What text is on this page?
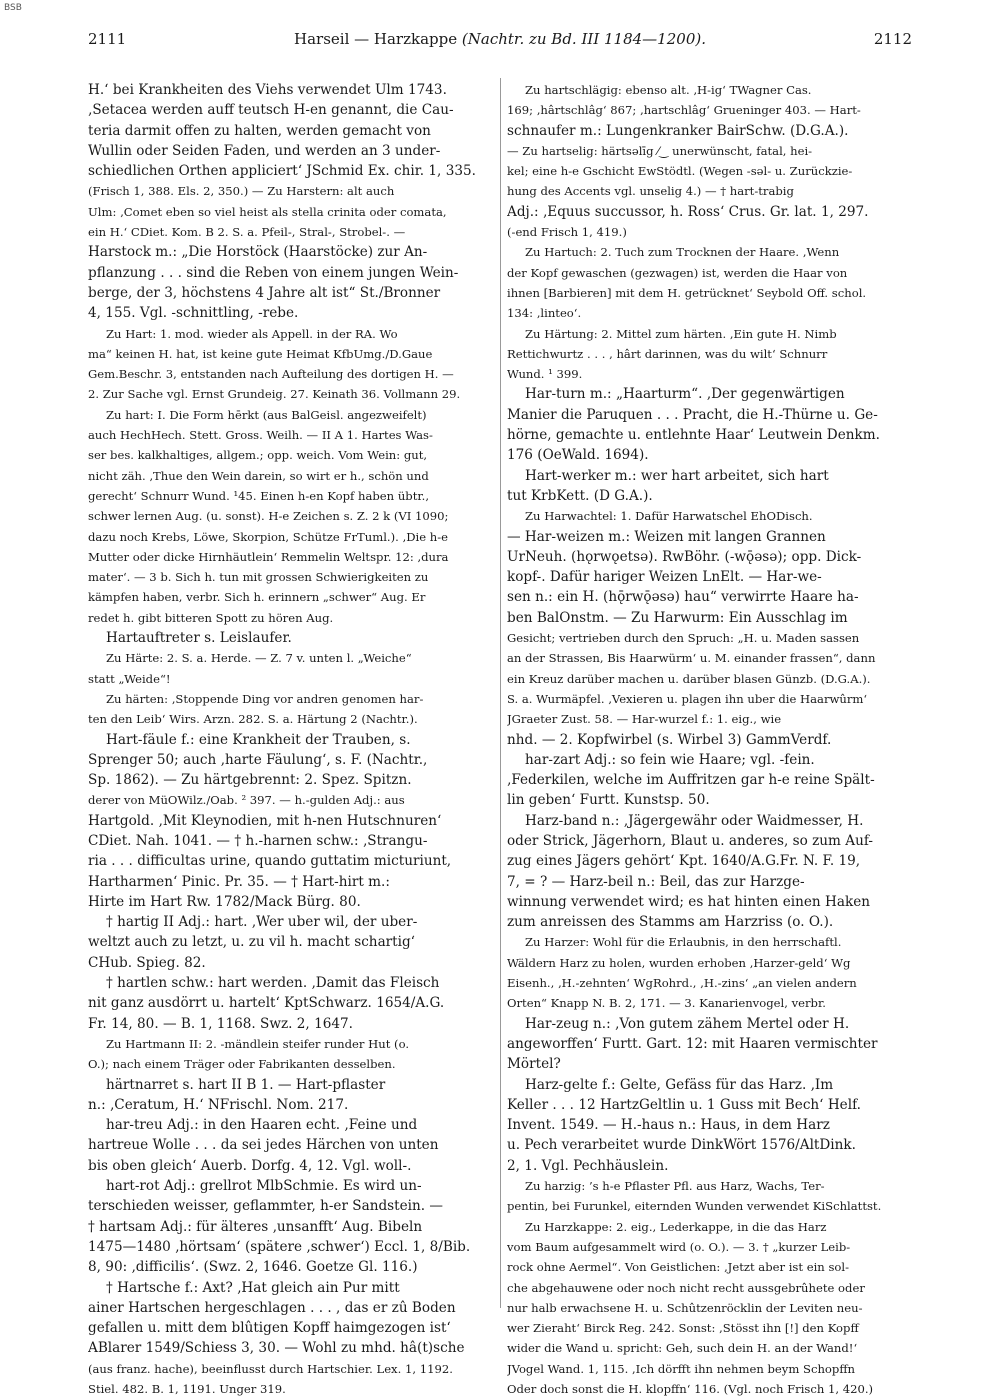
BSB
2111	Harseil — Harzkappe (Nachtr. zu Bd. III 1184—1200).	2112
H.‘ bei Krankheiten des Viehs verwendet Ulm 1743.
‚Setacea werden auff teutsch H-en genannt, die Cau-
teria darmit offen zu halten, werden gemacht von
Wullin oder Seiden Faden, und werden an 3 under-
schiedlichen Orthen appliciert‘ JSchmid Ex. chir. 1, 335.
(Frisch 1, 388. Els. 2, 350.) — Zu Harstern: alt auch
Ulm: ‚Comet eben so viel heist als stella crinita oder comata,
ein H.‘ CDiet. Kom. B 2. S. a. Pfeil-, Stral-, Strobel-. —
Harstock m.: „Die Horstöck (Haarstöcke) zur An-
pflanzung . . . sind die Reben von einem jungen Wein-
berge, der 3, höchstens 4 Jahre alt ist“ St./Bronner
4, 155. Vgl. -schnittling, -rebe.
Zu Hart: 1. mod. wieder als Appell. in der RA. Wo
ma“ keinen H. hat, ist keine gute Heimat KfbUmg./D.Gaue
Gem.Beschr. 3, entstanden nach Aufteilung des dortigen H. —
2. Zur Sache vgl. Ernst Grundeig. 27. Keinath 36. Vollmann 29.
Zu hart: I. Die Form hērkt (aus BalGeisl. angezweifelt)
auch HechHech. Stett. Gross. Weilh. — II A 1. Hartes Was-
ser bes. kalkhaltiges, allgem.; opp. weich. Vom Wein: gut,
nicht zäh. ‚Thue den Wein darein, so wirt er h., schön und
gerecht‘ Schnurr Wund. ¹45. Einen h-en Kopf haben übtr.,
schwer lernen Aug. (u. sonst). H-e Zeichen s. Z. 2 k (VI 1090;
dazu noch Krebs, Löwe, Skorpion, Schütze FrTuml.). ‚Die h-e
Mutter oder dicke Hirnhäutlein‘ Remmelin Weltspr. 12: ‚dura
mater‘. — 3 b. Sich h. tun mit grossen Schwierigkeiten zu
kämpfen haben, verbr. Sich h. erinnern „schwer“ Aug. Er
redet h. gibt bitteren Spott zu hören Aug.
Hartauftreter s. Leislaufer.
Zu Härte: 2. S. a. Herde. — Z. 7 v. unten l. „Weiche“
statt „Weide“!
Zu härten: ‚Stoppende Ding vor andren genomen har-
ten den Leib‘ Wirs. Arzn. 282. S. a. Härtung 2 (Nachtr.).
Hart-fäule f.: eine Krankheit der Trauben, s.
Sprenger 50; auch ‚harte Fäulung‘, s. F. (Nachtr.,
Sp. 1862). — Zu härtgebrennt: 2. Spez. Spitzn.
derer von MüOWilz./Oab. ² 397. — h.-gulden Adj.: aus
Hartgold. ‚Mit Kleynodien, mit h-nen Hutschnuren‘
CDiet. Nah. 1041. — † h.-harnen schw.: ‚Strangu-
ria . . . difficultas urine, quando guttatim micturiunt,
Hartharmen‘ Pinic. Pr. 35. — † Hart-hirt m.:
Hirte im Hart Rw. 1782/Mack Bürg. 80.
† hartig II Adj.: hart. ‚Wer uber wil, der uber-
weltzt auch zu letzt, u. zu vil h. macht schartig‘
CHub. Spieg. 82.
† hartlen schw.: hart werden. ‚Damit das Fleisch
nit ganz ausdörrt u. hartelt‘ KptSchwarz. 1654/A.G.
Fr. 14, 80. — B. 1, 1168. Swz. 2, 1647.
Zu Hartmann II: 2. -mändlein steifer runder Hut (o.
O.); nach einem Träger oder Fabrikanten desselben.
härtnarret s. hart II B 1. — Hart-pflaster
n.: ‚Ceratum, H.‘ NFrischl. Nom. 217.
har-treu Adj.: in den Haaren echt. ‚Feine und
hartreue Wolle . . . da sei jedes Härchen von unten
bis oben gleich‘ Auerb. Dorfg. 4, 12. Vgl. woll-.
hart-rot Adj.: grellrot MlbSchmie. Es wird un-
terschieden weisser, geflammter, h-er Sandstein. —
† hartsam Adj.: für älteres ‚unsanfft‘ Aug. Bibeln
1475—1480 ‚hörtsam‘ (spätere ‚schwer‘) Eccl. 1, 8/Bib.
8, 90: ‚difficilis‘. (Swz. 2, 1646. Goetze Gl. 116.)
† Hartsche f.: Axt? ‚Hat gleich ain Pur mitt
ainer Hartschen hergeschlagen . . . , das er zû Boden
gefallen u. mitt dem blûtigen Kopff haimgezogen ist‘
ABlarer 1549/Schiess 3, 30. — Wohl zu mhd. hâ(t)sche
(aus franz. hache), beeinflusst durch Hartschier. Lex. 1, 1192.
Stiel. 482. B. 1, 1191. Unger 319.
Zu hartschlägig: ebenso alt. ‚H-ig‘ TWagner Cas.
169; ‚hârtschlâg‘ 867; ‚hartschlâg‘ Grueninger 403. — Hart-
schnaufer m.: Lungenkranker BairSchw. (D.G.A.).
— Zu hartselig: härtsəlīg ⁄‿ unerwünscht, fatal, hei-
kel; eine h-e Gschicht EwStödtl. (Wegen -səl- u. Zurückzie-
hung des Accents vgl. unselig 4.) — † hart-trabig
Adj.: ‚Equus succussor, h. Ross‘ Crus. Gr. lat. 1, 297.
(-end Frisch 1, 419.)
Zu Hartuch: 2. Tuch zum Trocknen der Haare. ‚Wenn
der Kopf gewaschen (gezwagen) ist, werden die Haar von
ihnen [Barbieren] mit dem H. getrücknet‘ Seybold Off. schol.
134: ‚linteo‘.
Zu Härtung: 2. Mittel zum härten. ‚Ein gute H. Nimb
Rettichwurtz . . . , hârt darinnen, was du wilt‘ Schnurr
Wund. ¹ 399.
Har-turn m.: „Haarturm“. ‚Der gegenwärtigen
Manier die Paruquen . . . Pracht, die H.-Thürne u. Ge-
hörne, gemachte u. entlehnte Haar‘ Leutwein Denkm.
176 (OeWald. 1694).
Hart-werker m.: wer hart arbeitet, sich hart
tut KrbKett. (D G.A.).
Zu Harwachtel: 1. Dafür Harwatschel EhODisch.
— Har-weizen m.: Weizen mit langen Grannen
UrNeuh. (hǫrwǫetsə). RwBöhr. (-wǭəsə); opp. Dick-
kopf-. Dafür hariger Weizen LnElt. — Har-we-
sen n.: ein H. (hǭrwǭəsə) hau“ verwirrte Haare ha-
ben BalOnstm. — Zu Harwurm: Ein Ausschlag im
Gesicht; vertrieben durch den Spruch: „H. u. Maden sassen
an der Strassen, Bis Haarwürm‘ u. M. einander frassen“, dann
ein Kreuz darüber machen u. darüber blasen Günzb. (D.G.A.).
S. a. Wurmäpfel. ‚Vexieren u. plagen ihn uber die Haarwûrm‘
JGraeter Zust. 58. — Har-wurzel f.: 1. eig., wie
nhd. — 2. Kopfwirbel (s. Wirbel 3) GammVerdf.
har-zart Adj.: so fein wie Haare; vgl. -fein.
‚Federkilen, welche im Auffritzen gar h-e reine Spält-
lin geben‘ Furtt. Kunstsp. 50.
Harz-band n.: ‚Jägergewähr oder Waidmesser, H.
oder Strick, Jägerhorn, Blaut u. anderes, so zum Auf-
zug eines Jägers gehört‘ Kpt. 1640/A.G.Fr. N. F. 19,
7, = ? — Harz-beil n.: Beil, das zur Harzge-
winnung verwendet wird; es hat hinten einen Haken
zum anreissen des Stamms am Harzriss (o. O.).
Zu Harzer: Wohl für die Erlaubnis, in den herrschaftl.
Wäldern Harz zu holen, wurden erhoben ‚Harzer-geld‘ Wg
Eisenh., ‚H.-zehnten‘ WgRohrd., ‚H.-zins‘ „an vielen andern
Orten“ Knapp N. B. 2, 171. — 3. Kanarienvogel, verbr.
Har-zeug n.: ‚Von gutem zähem Mertel oder H.
angeworffen‘ Furtt. Gart. 12: mit Haaren vermischter
Mörtel?
Harz-gelte f.: Gelte, Gefäss für das Harz. ‚Im
Keller . . . 12 HartzGeltlin u. 1 Guss mit Bech‘ Helf.
Invent. 1549. — H.-haus n.: Haus, in dem Harz
u. Pech verarbeitet wurde DinkWört 1576/AltDink.
2, 1. Vgl. Pechhäuslein.
Zu harzig: ’s h-e Pflaster Pfl. aus Harz, Wachs, Ter-
pentin, bei Furunkel, eiternden Wunden verwendet KiSchlattst.
Zu Harzkappe: 2. eig., Lederkappe, in die das Harz
vom Baum aufgesammelt wird (o. O.). — 3. † „kurzer Leib-
rock ohne Aermel“. Von Geistlichen: ‚Jetzt aber ist ein sol-
che abgehauwene oder noch nicht recht aussgebrûhete oder
nur halb erwachsene H. u. Schûtzenröcklin der Leviten neu-
wer Zierahtʻ Birck Reg. 242. Sonst: ‚Stösst ihn [!] den Kopff
wider die Wand u. spricht: Geh, such dein H. an der Wand!‘
JVogel Wand. 1, 115. ‚Ich dörfft ihn nehmen beym Schopffn
Oder doch sonst die H. klopffn‘ 116. (Vgl. noch Frisch 1, 420.)
